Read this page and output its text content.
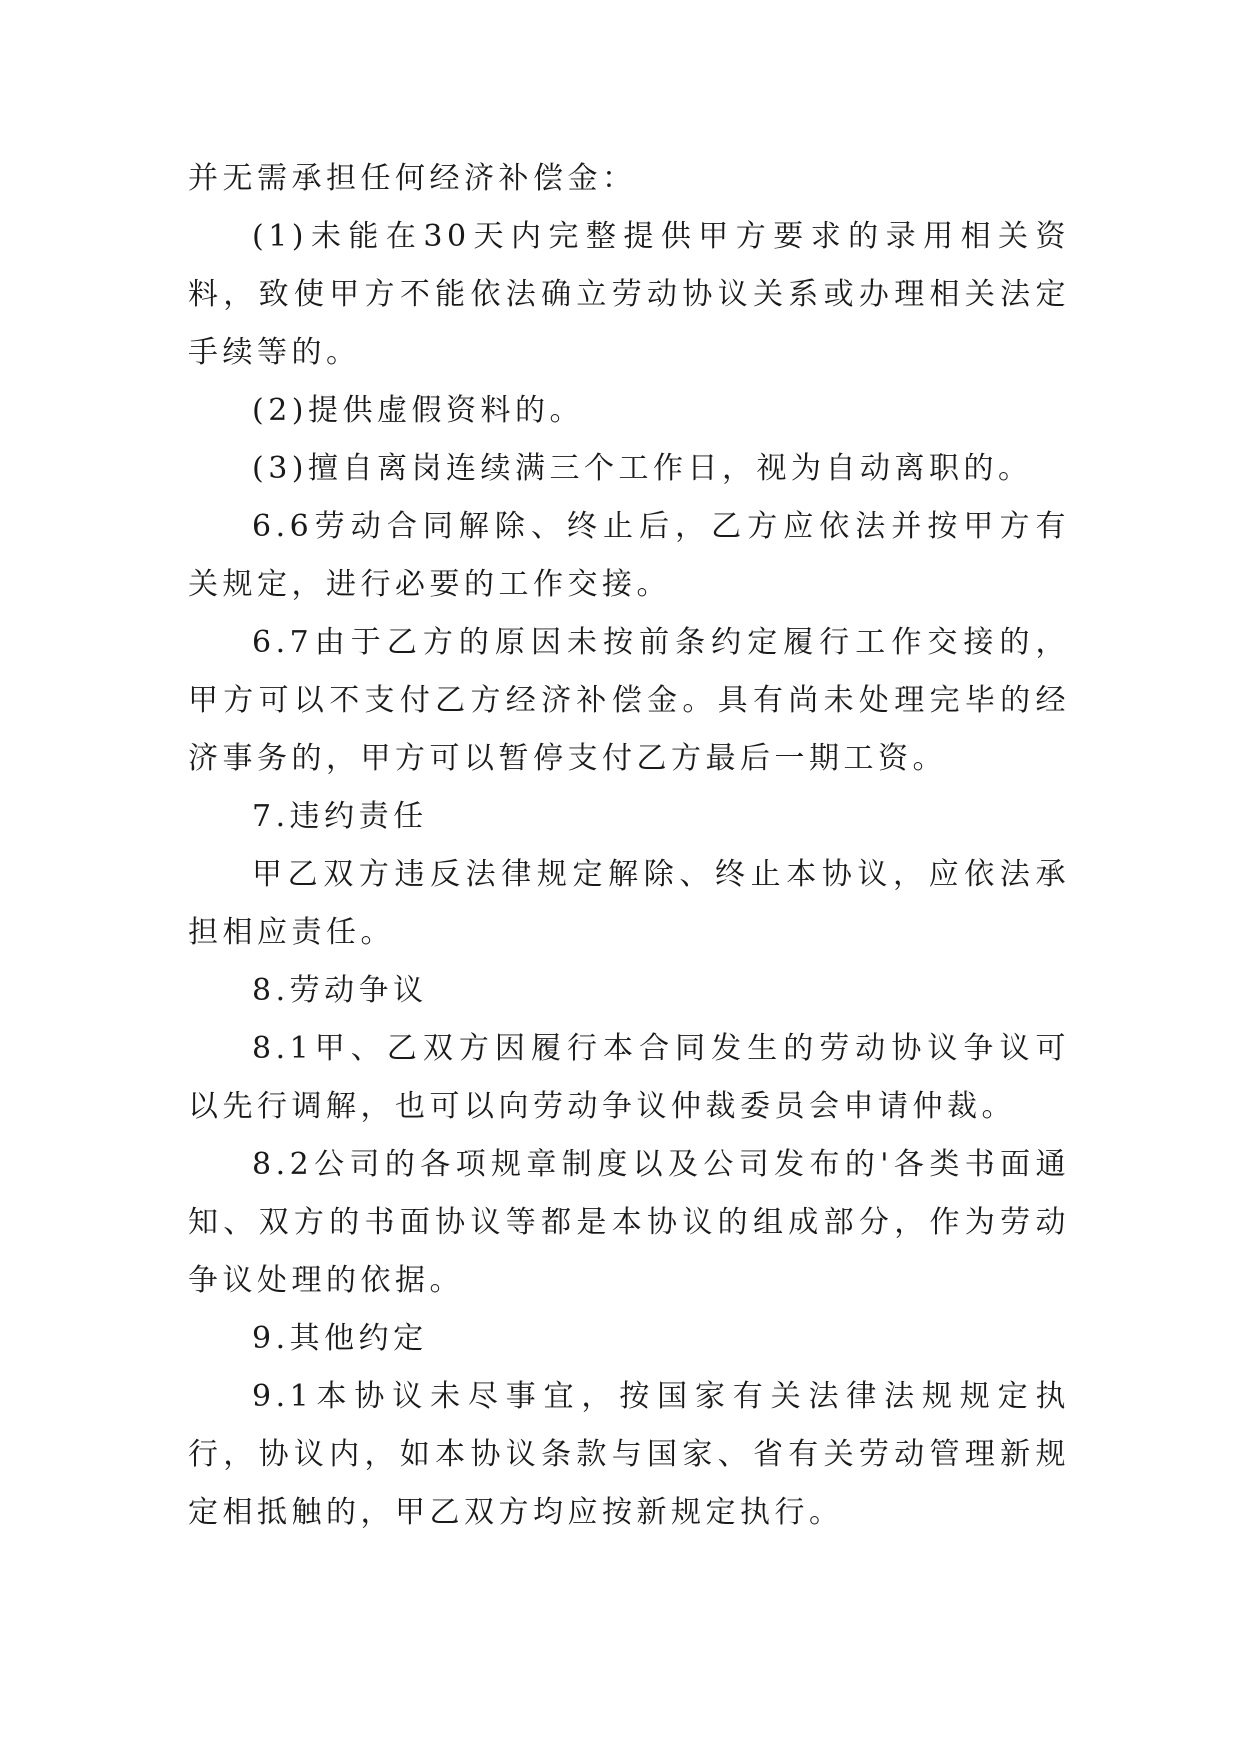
并无需承担任何经济补偿金：

(1)未能在30天内完整提供甲方要求的录用相关资料，致使甲方不能依法确立劳动协议关系或办理相关法定手续等的。

(2)提供虚假资料的。

(3)擅自离岗连续满三个工作日，视为自动离职的。

6.6劳动合同解除、终止后，乙方应依法并按甲方有关规定，进行必要的工作交接。

6.7由于乙方的原因未按前条约定履行工作交接的，甲方可以不支付乙方经济补偿金。具有尚未处理完毕的经济事务的，甲方可以暂停支付乙方最后一期工资。

7.违约责任

甲乙双方违反法律规定解除、终止本协议，应依法承担相应责任。

8.劳动争议

8.1甲、乙双方因履行本合同发生的劳动协议争议可以先行调解，也可以向劳动争议仲裁委员会申请仲裁。

8.2公司的各项规章制度以及公司发布的'各类书面通知、双方的书面协议等都是本协议的组成部分，作为劳动争议处理的依据。

9.其他约定

9.1本协议未尽事宜，按国家有关法律法规规定执行，协议内，如本协议条款与国家、省有关劳动管理新规定相抵触的，甲乙双方均应按新规定执行。
